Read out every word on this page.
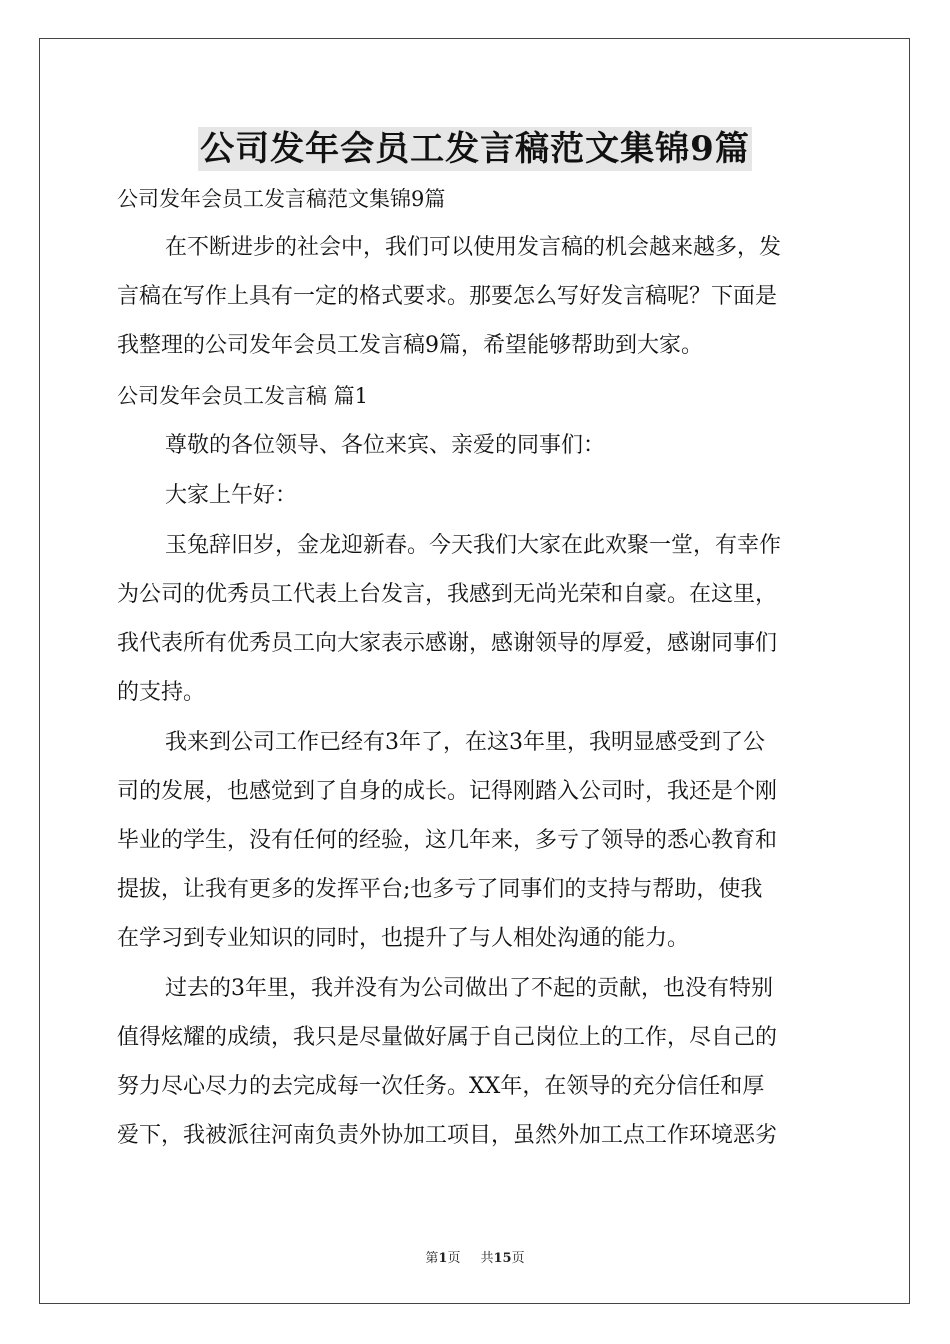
公司发年会员工发言稿范文集锦9篇

公司发年会员工发言稿范文集锦9篇

在不断进步的社会中，我们可以使用发言稿的机会越来越多，发

言稿在写作上具有一定的格式要求。那要怎么写好发言稿呢？下面是

我整理的公司发年会员工发言稿9篇，希望能够帮助到大家。

公司发年会员工发言稿 篇1

尊敬的各位领导、各位来宾、亲爱的同事们：

大家上午好：

玉兔辞旧岁，金龙迎新春。今天我们大家在此欢聚一堂，有幸作

为公司的优秀员工代表上台发言，我感到无尚光荣和自豪。在这里，

我代表所有优秀员工向大家表示感谢，感谢领导的厚爱，感谢同事们

的支持。

我来到公司工作已经有3年了，在这3年里，我明显感受到了公

司的发展，也感觉到了自身的成长。记得刚踏入公司时，我还是个刚

毕业的学生，没有任何的经验，这几年来，多亏了领导的悉心教育和

提拔，让我有更多的发挥平台;也多亏了同事们的支持与帮助，使我

在学习到专业知识的同时，也提升了与人相处沟通的能力。

过去的3年里，我并没有为公司做出了不起的贡献，也没有特别

值得炫耀的成绩，我只是尽量做好属于自己岗位上的工作，尽自己的

努力尽心尽力的去完成每一次任务。XX年，在领导的充分信任和厚

爱下，我被派往河南负责外协加工项目，虽然外加工点工作环境恶劣

第1页 共15页
